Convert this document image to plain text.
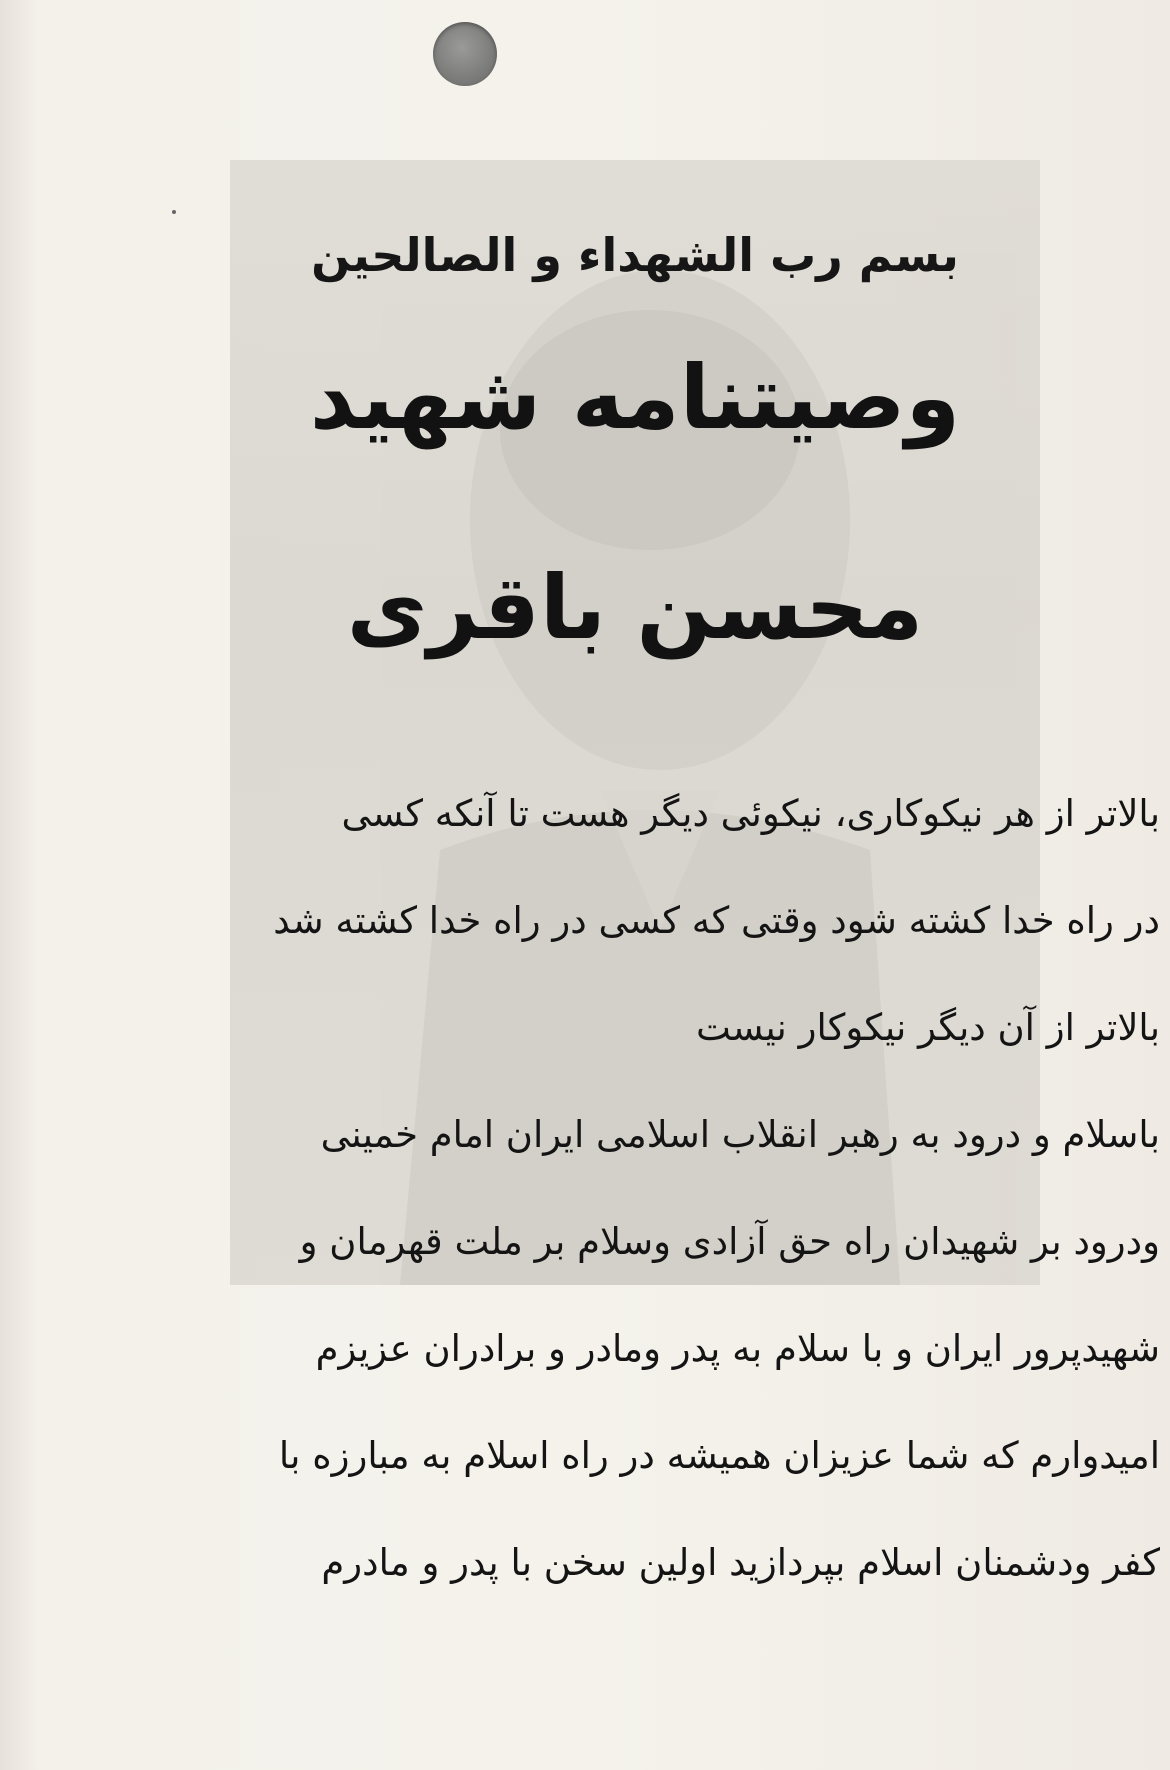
بسم رب الشهداء و الصالحین
وصیتنامه شهید
محسن باقری
بالاتر از هر نیکوکاری، نیکوئی دیگر هست تا آنکه کسی
در راه خدا کشته شود وقتی که کسی در راه خدا کشته شد
بالاتر از آن دیگر نیکوکار نیست
باسلام و درود به رهبر انقلاب اسلامی ایران امام خمینی
ودرود بر شهیدان راه حق آزادی وسلام بر ملت قهرمان و
شهیدپرور ایران و با سلام به پدر ومادر و برادران عزیزم
امیدوارم که شما عزیزان همیشه در راه اسلام به مبارزه با
کفر ودشمنان اسلام بپردازید اولین سخن با پدر و مادرم
